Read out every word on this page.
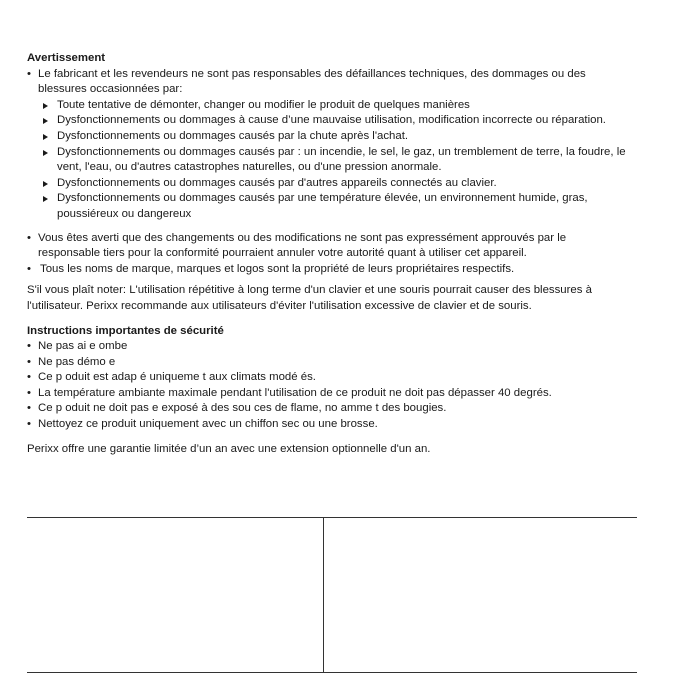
Avertissement
• Le fabricant et les revendeurs ne sont pas responsables des défaillances techniques, des dommages ou des blessures occasionnées par:
Toute tentative de démonter, changer ou modifier le produit de quelques manières
Dysfonctionnements ou dommages à cause d’une mauvaise utilisation, modification incorrecte ou réparation.
Dysfonctionnements ou dommages causés par la chute après l'achat.
Dysfonctionnements ou dommages causés par : un incendie, le sel, le gaz, un tremblement de terre, la foudre, le vent, l'eau, ou d'autres catastrophes naturelles, ou d'une pression anormale.
Dysfonctionnements ou dommages causés par d'autres appareils connectés au clavier.
Dysfonctionnements ou dommages causés par une température élevée, un environnement humide, gras, poussiéreux ou dangereux
• Vous êtes averti que des changements ou des modifications ne sont pas expressément approuvés par le responsable tiers pour la conformité pourraient annuler votre autorité quant à utiliser cet appareil.
• Tous les noms de marque, marques et logos sont la propriété de leurs propriétaires respectifs.
S'il vous plaît noter: L'utilisation répétitive à long terme d'un clavier et une souris pourrait causer des blessures à l'utilisateur. Perixx recommande aux utilisateurs d'éviter l'utilisation excessive de clavier et de souris.
Instructions importantes de sécurité
• Ne pas ai e ombe
• Ne pas démo e
• Ce p oduit est adap é uniqueme t aux climats modé és.
• La température ambiante maximale pendant l'utilisation de ce produit ne doit pas dépasser 40 degrés.
• Ce p oduit ne doit pas e exposé à des sou ces de flame, no amme t des bougies.
• Nettoyez ce produit uniquement avec un chiffon sec ou une brosse.
Perixx offre une garantie limitée d’un an avec une extension optionnelle d'un an.
